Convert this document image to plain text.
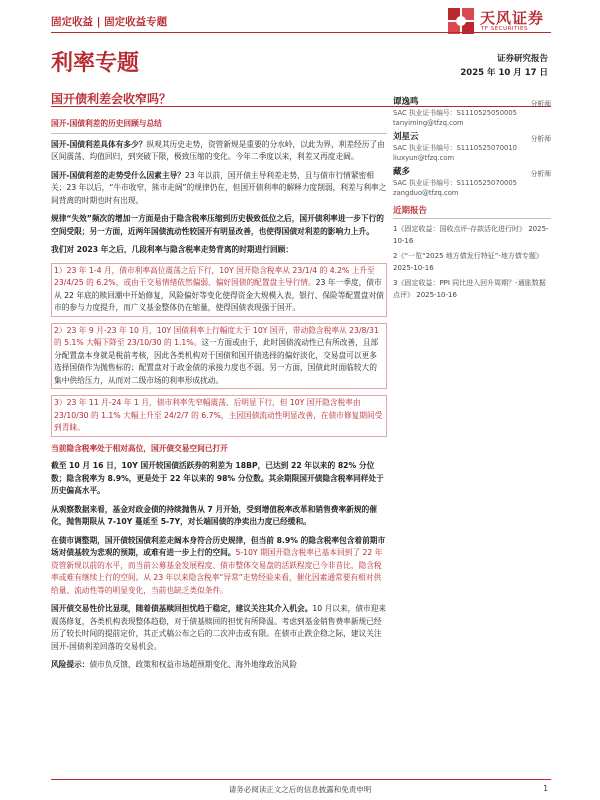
固定收益 | 固定收益专题	天风证券
TF SECURITIES
利率专题	证券研究报告
2025 年 10 月 17 日
国开债利差会收窄吗？
国开-国债利差的历史回顾与总结

国开-国债利差具体有多少？纵观其历史走势，资管新规是重要的分水岭，以此为界，利差经历了由区间震荡、均值回归，到突破下限，极致压缩的变化。今年二季度以来，利差又再度走阔。

国开-国债利差的走势受什么因素主导？23 年以前，国开债主导利差走势，且与债市行情紧密相关；23 年以后，“牛市收窄，熊市走阔”的规律仍在，但国开债利率的解释力度削弱，利差与利率之间背离的时期也时有出现。

规律“失效”频次的增加一方面是由于隐含税率压缩到历史极致低位之后，国开债利率进一步下行的空间受限；另一方面，近两年国债流动性较国开有明显改善，也使得国债对利差的影响力上升。

我们对 2023 年之后，几段利率与隐含税率走势背离的时期进行回顾：

1）23 年 1-4 月，债市利率高位震荡之后下行，10Y 国开隐含税率从 23/1/4 的 4.2% 上升至 23/4/25 的 6.2%，或由于交易情绪依然偏弱、偏好国债的配置盘主导行情。23 年一季度，债市从 22 年底的赎回潮中开始修复，风险偏好等变化使得资金大规模入表，银行、保险等配置盘对债市的参与力度提升，而广义基金整体仍在缩量，使得国债表现强于国开。
2）23 年 9 月-23 年 10 月，10Y 国债利率上行幅度大于 10Y 国开，带动隐含税率从 23/8/31 的 5.1% 大幅下降至 23/10/30 的 1.1%。这一方面或由于，此时国债流动性已有所改善，且部分配置盘本身就是税前考核，因此各类机构对于国债和国开债选择的偏好淡化，交易盘可以更多选择国债作为抛售标的；配置盘对于政金债的承接力度也不弱。另一方面，国债此时面临较大的集中供给压力，从而对二级市场的利率形成扰动。
3）23 年 11 月-24 年 1 月，债市利率先窄幅震荡、后明显下行，但 10Y 国开隐含税率由 23/10/30 的 1.1% 大幅上升至 24/2/7 的 6.7%，主因国债流动性明显改善，在债市修复期间受到青睐。
当前隐含税率处于相对高位，国开债交易空间已打开

截至 10 月 16 日，10Y 国开较国债活跃券的利差为 18BP，已达到 22 年以来的 82% 分位数；隐含税率为 8.9%，更是处于 22 年以来的 98% 分位数。其余期限国开债隐含税率同样处于历史偏高水平。

从观察数据来看，基金对政金债的持续抛售从 7 月开始，受到增值税率改革和销售费率新规的催化，抛售期限从 7-10Y 蔓延至 5-7Y，对长端国债的净卖出力度已经缓和。

在债市调整期，国开债较国债利差走阔本身符合历史规律，但当前 8.9% 的隐含税率包含着前期市场对债基较为悲观的预期，或难有进一步上行的空间。5-10Y 期国开隐含税率已基本回到了 22 年资管新规以前的水平，而当前公募基金发展程度、债市整体交易盘的活跃程度已今非昔比，隐含税率或难有继续上行的空间。从 23 年以来隐含税率“异常”走势经验来看，催化因素通常要有相对供给量、流动性等的明显变化，当前也缺乏类似条件。

国开债交易性价比显现，随着债基赎回担忧趋于稳定，建议关注其介入机会。10 月以来，债市迎来震荡修复，各类机构表现整体趋稳，对于债基赎回的担忧有所降温。考虑到基金销售费率新规已经历了较长时间的提前定价，其正式稿公布之后的二次冲击或有限。在债市止跌企稳之际，建议关注国开-国债利差回落的交易机会。

风险提示：债市负反馈、政策和权益市场超预期变化、海外地缘政治风险

谭逸鸣	分析师
SAC 执业证书编号：S1110525050005
tanyiming@tfzq.com
刘星云	分析师
SAC 执业证书编号：S1110525070010
liuxyun@tfzq.com
藏多	分析师
SAC 执业证书编号：S1110525070005
zangduo@tfzq.com
近期报告
1《固定收益：国收点评-存款活化进行时》 2025-10-16
2《“一览“2025 地方债发行特征”-地方债专题》 2025-10-16
3《固定收益：PPI 同比进入回升周期？-通胀数据点评》 2025-10-16
请务必阅读正文之后的信息披露和免责申明	1
